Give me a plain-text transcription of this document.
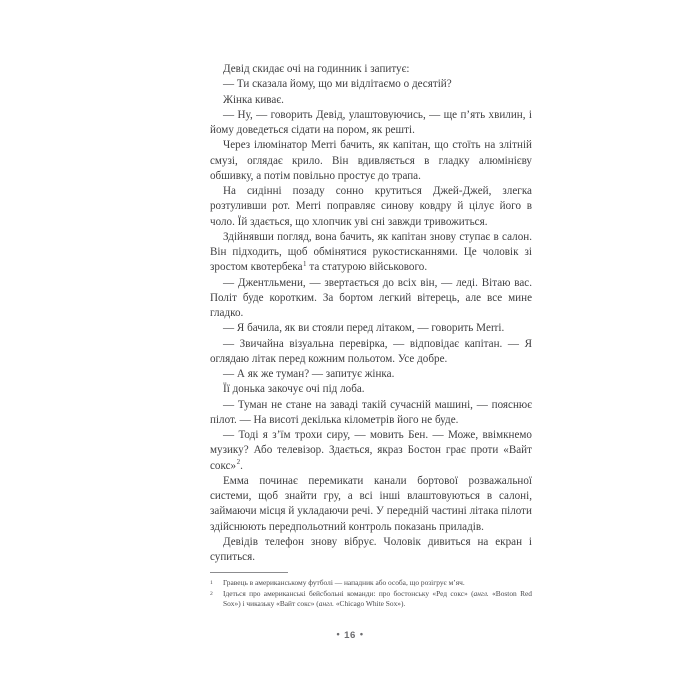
Девід скидає очі на годинник і запитує:

— Ти сказала йому, що ми відлітаємо о десятій?

Жінка киває.

— Ну, — говорить Девід, улаштовуючись, — ще п’ять хвилин, і йому доведеться сідати на пором, як решті.

Через ілюмінатор Merri бачить, як капітан, що стоїть на злітній смузі, оглядає крило. Він вдивляється в гладку алюмінієву обшивку, а потім повільно простує до трапа.

На сидінні позаду сонно крутиться Джей-Джей, злегка розтуливши рот. Merri поправляє синову ковдру й цілує його в чоло. Їй здається, що хлопчик уві сні завжди тривожиться.

Здійнявши погляд, вона бачить, як капітан знову ступає в салон. Він підходить, щоб обмінятися рукостисканнями. Це чоловік зі зростом квотербека$^1$ та статурою військового.

— Джентльмени, — звертається до всіх він, — леді. Вітаю вас. Політ буде коротким. За бортом легкий вітерець, але все мине гладко.

— Я бачила, як ви стояли перед літаком, — говорить Merri.

— Звичайна візуальна перевірка, — відповідає капітан. — Я оглядаю літак перед кожним польотом. Усе добре.

— А як же туман? — запитує жінка.

Її донька закочує очі під лоба.

— Туман не стане на заваді такій сучасній машині, — пояснює пілот. — На висоті декілька кілометрів його не буде.

— Тоді я з’їм трохи сиру, — мовить Бен. — Може, ввімкнемо музику? Або телевізор. Здається, якраз Бостон грає проти «Вайт сокс»$^2$.

Емма починає перемикати канали бортової розважальної системи, щоб знайти гру, а всі інші влаштовуються в салоні, займаючи місця й укладаючи речі. У передній частині літака пілоти здійснюють передпольотний контроль показань приладів.

Девідів телефон знову вібрує. Чоловік дивиться на екран і супиться.

1	Гравець в американському футболі — нападник або особа, що розігрує м’яч.
2	Ідеться про американські бейсбольні команди: про бостонську «Ред сокс» (англ. «Boston Red Sox») і чиказьку «Вайт сокс» (англ. «Chicago White Sox»).
• 16 •
